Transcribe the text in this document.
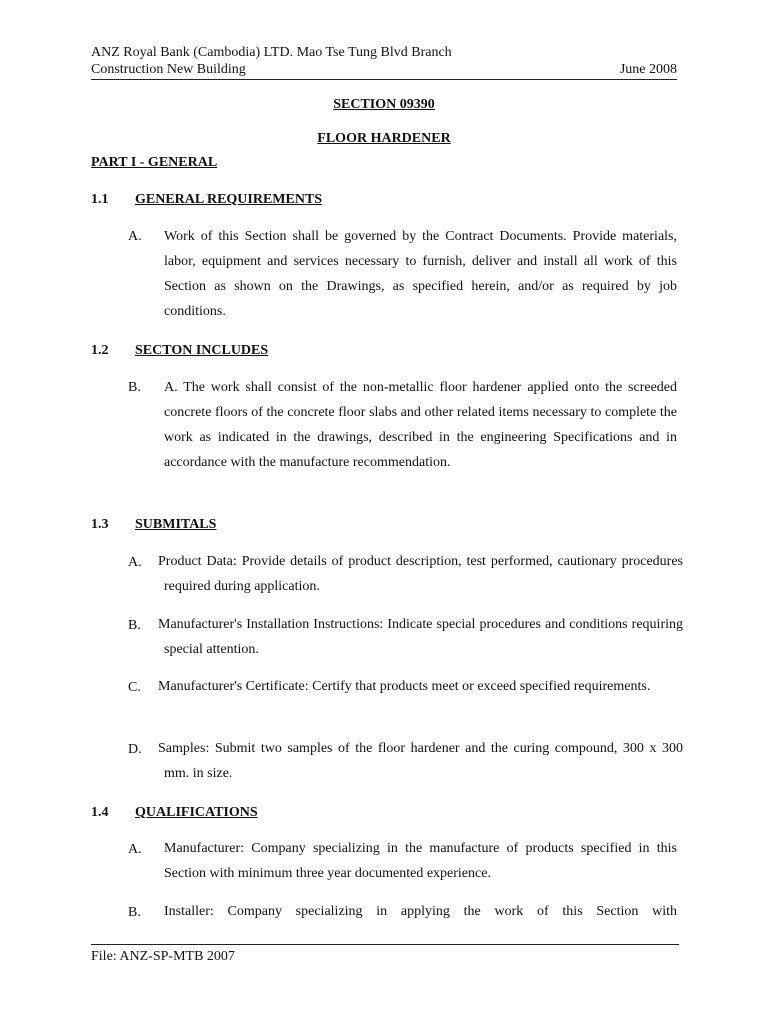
ANZ Royal Bank (Cambodia) LTD. Mao Tse Tung Blvd Branch
Construction New Building	June 2008
SECTION 09390
FLOOR HARDENER
PART I - GENERAL
1.1 GENERAL REQUIREMENTS
A. Work of this Section shall be governed by the Contract Documents. Provide materials, labor, equipment and services necessary to furnish, deliver and install all work of this Section as shown on the Drawings, as specified herein, and/or as required by job conditions.
1.2 SECTON INCLUDES
B. A. The work shall consist of the non-metallic floor hardener applied onto the screeded concrete floors of the concrete floor slabs and other related items necessary to complete the work as indicated in the drawings, described in the engineering Specifications and in accordance with the manufacture recommendation.
1.3 SUBMITALS
A. Product Data: Provide details of product description, test performed, cautionary procedures required during application.
B. Manufacturer's Installation Instructions: Indicate special procedures and conditions requiring special attention.
C. Manufacturer's Certificate: Certify that products meet or exceed specified requirements.
D. Samples: Submit two samples of the floor hardener and the curing compound, 300 x 300 mm. in size.
1.4 QUALIFICATIONS
A. Manufacturer: Company specializing in the manufacture of products specified in this Section with minimum three year documented experience.
B. Installer: Company specializing in applying the work of this Section with
File: ANZ-SP-MTB 2007
